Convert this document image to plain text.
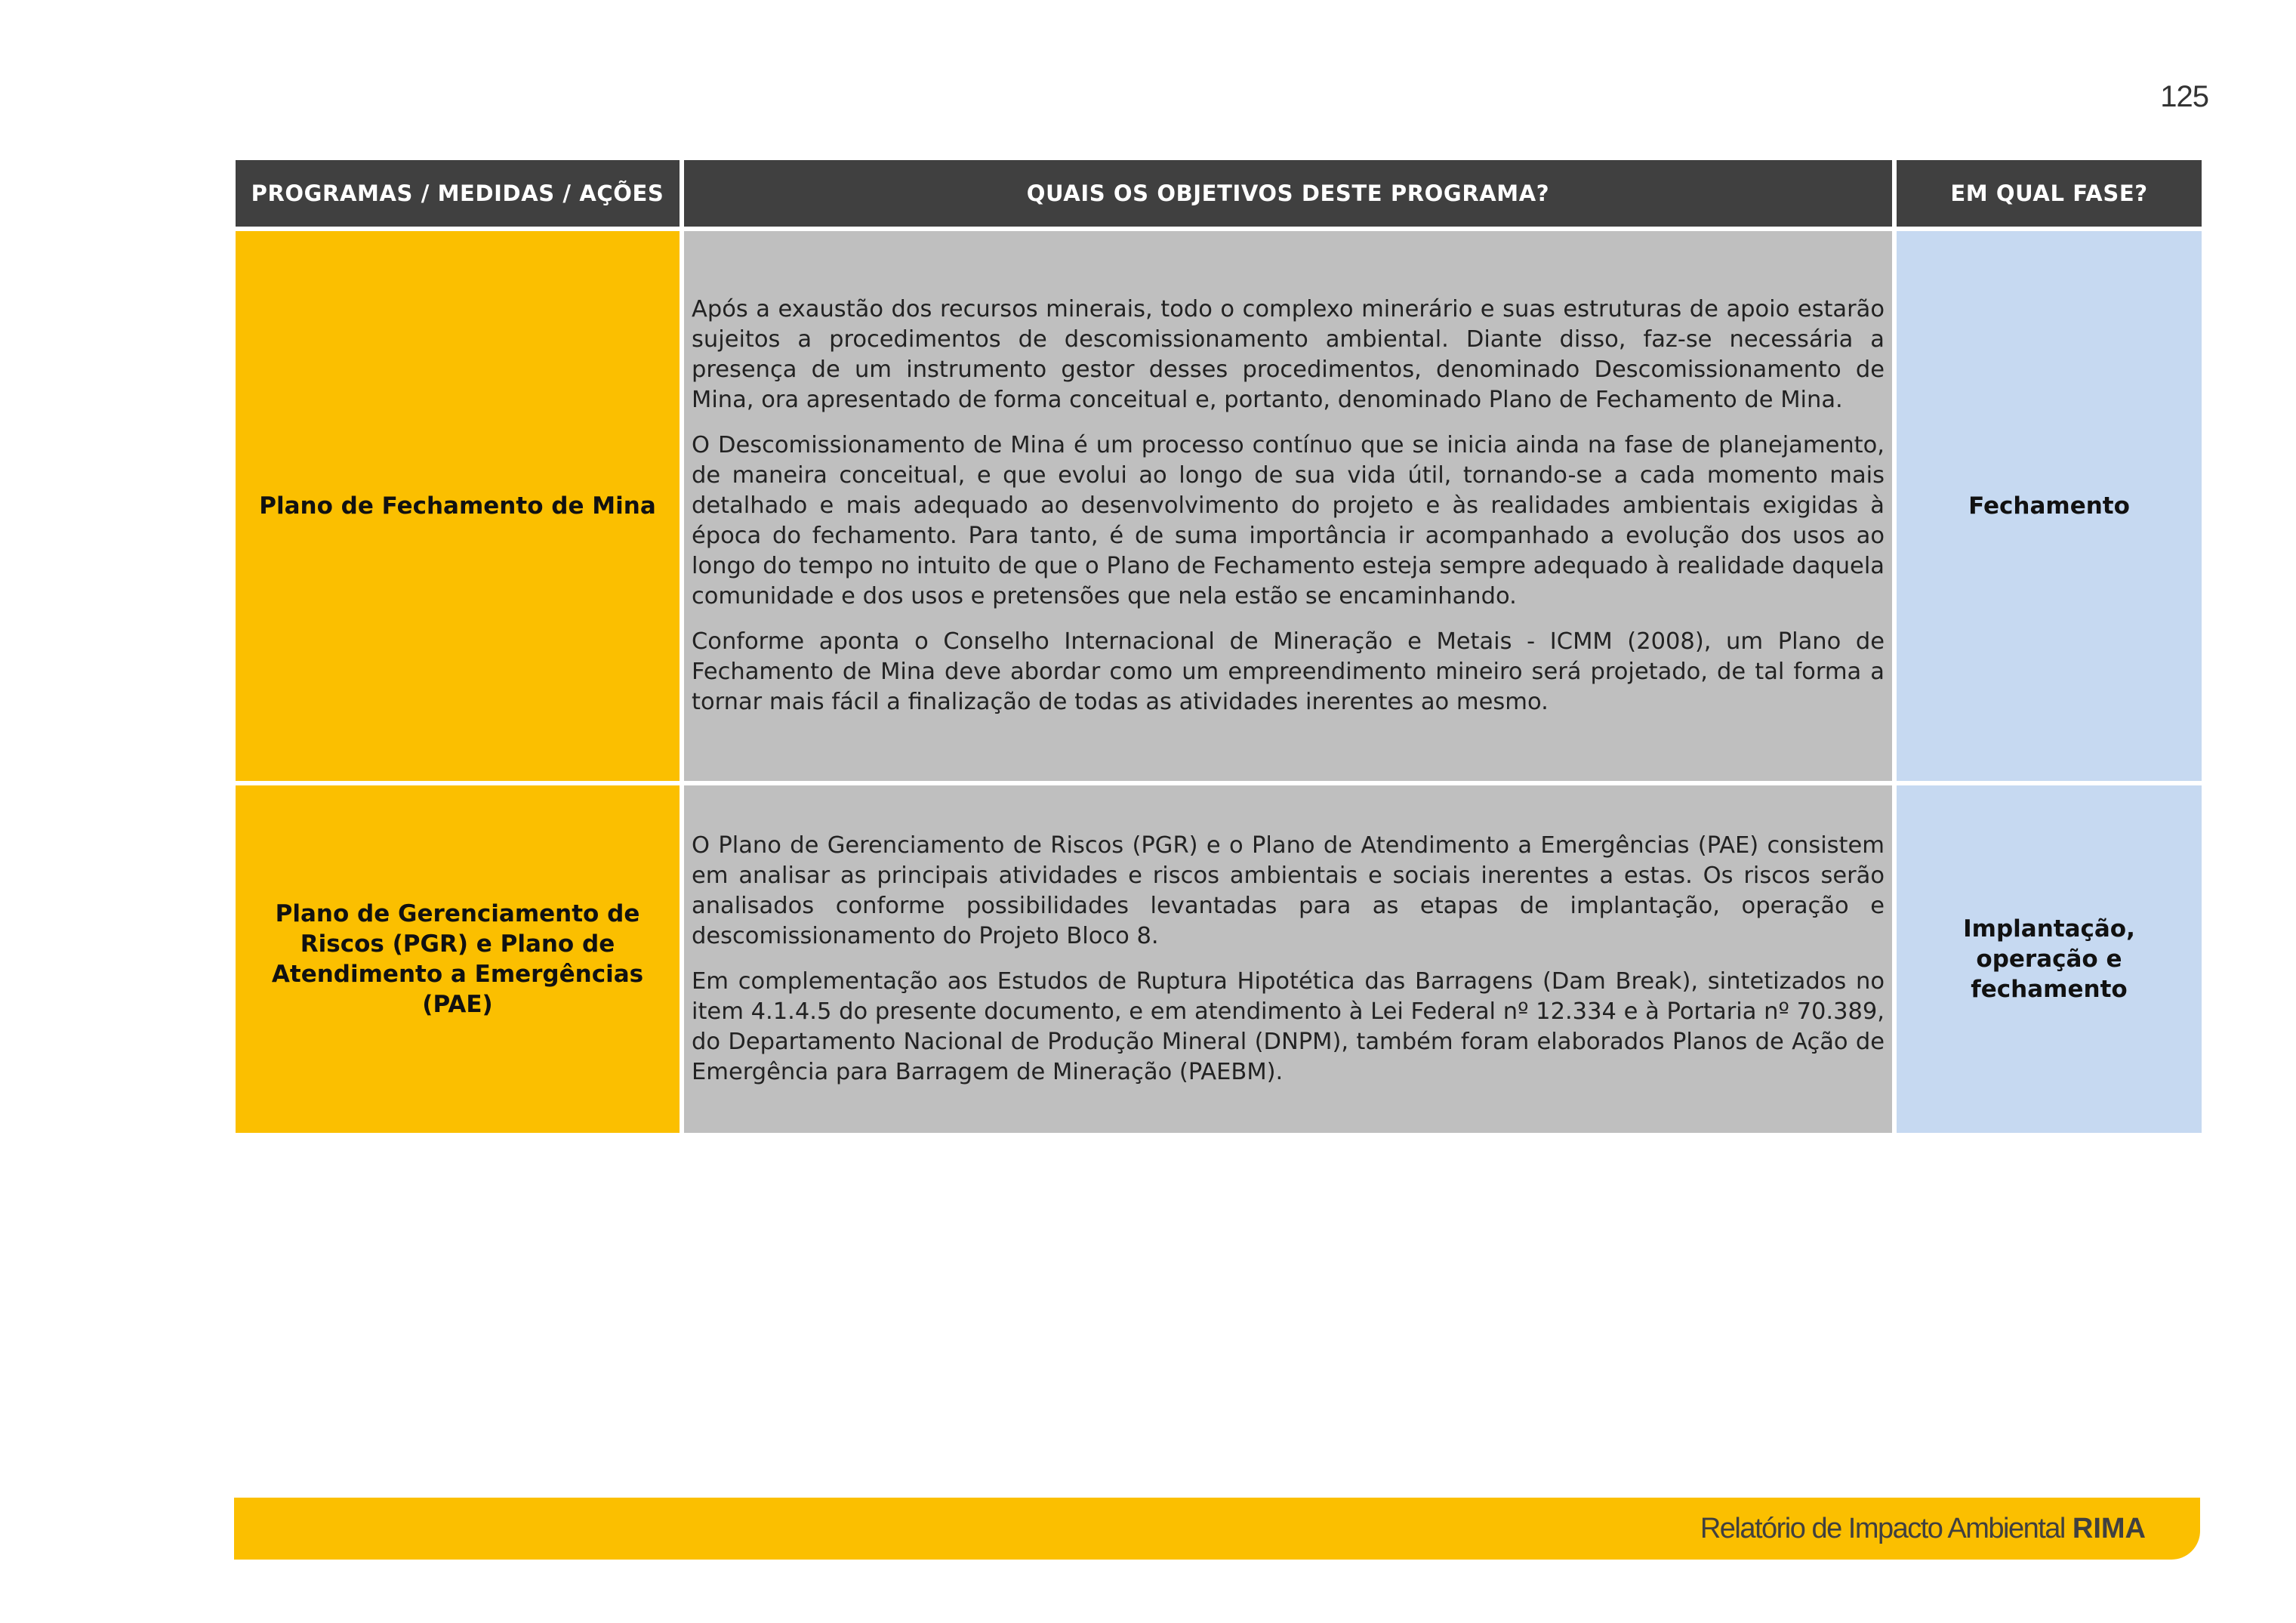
125
PROGRAMAS / MEDIDAS / AÇÕES	QUAIS OS OBJETIVOS DESTE PROGRAMA?	EM QUAL FASE?
Plano de Fechamento de Mina

Após a exaustão dos recursos minerais, todo o complexo minerário e suas estruturas de apoio estarão sujeitos a procedimentos de descomissionamento ambiental. Diante disso, faz-se necessária a presença de um instrumento gestor desses procedimentos, denominado Descomissionamento de Mina, ora apresentado de forma conceitual e, portanto, denominado Plano de Fechamento de Mina.

O Descomissionamento de Mina é um processo contínuo que se inicia ainda na fase de planejamento, de maneira conceitual, e que evolui ao longo de sua vida útil, tornando-se a cada momento mais detalhado e mais adequado ao desenvolvimento do projeto e às realidades ambientais exigidas à época do fechamento. Para tanto, é de suma importância ir acompanhado a evolução dos usos ao longo do tempo no intuito de que o Plano de Fechamento esteja sempre adequado à realidade daquela comunidade e dos usos e pretensões que nela estão se encaminhando.

Conforme aponta o Conselho Internacional de Mineração e Metais - ICMM (2008), um Plano de Fechamento de Mina deve abordar como um empreendimento mineiro será projetado, de tal forma a tornar mais fácil a finalização de todas as atividades inerentes ao mesmo.

Fechamento
Plano de Gerenciamento de Riscos (PGR) e Plano de Atendimento a Emergências (PAE)

O Plano de Gerenciamento de Riscos (PGR) e o Plano de Atendimento a Emergências (PAE) consistem em analisar as principais atividades e riscos ambientais e sociais inerentes a estas. Os riscos serão analisados conforme possibilidades levantadas para as etapas de implantação, operação e descomissionamento do Projeto Bloco 8.

Em complementação aos Estudos de Ruptura Hipotética das Barragens (Dam Break), sintetizados no item 4.1.4.5 do presente documento, e em atendimento à Lei Federal nº 12.334 e à Portaria nº 70.389, do Departamento Nacional de Produção Mineral (DNPM), também foram elaborados Planos de Ação de Emergência para Barragem de Mineração (PAEBM).

Implantação, operação e fechamento
Relatório de Impacto Ambiental RIMA
